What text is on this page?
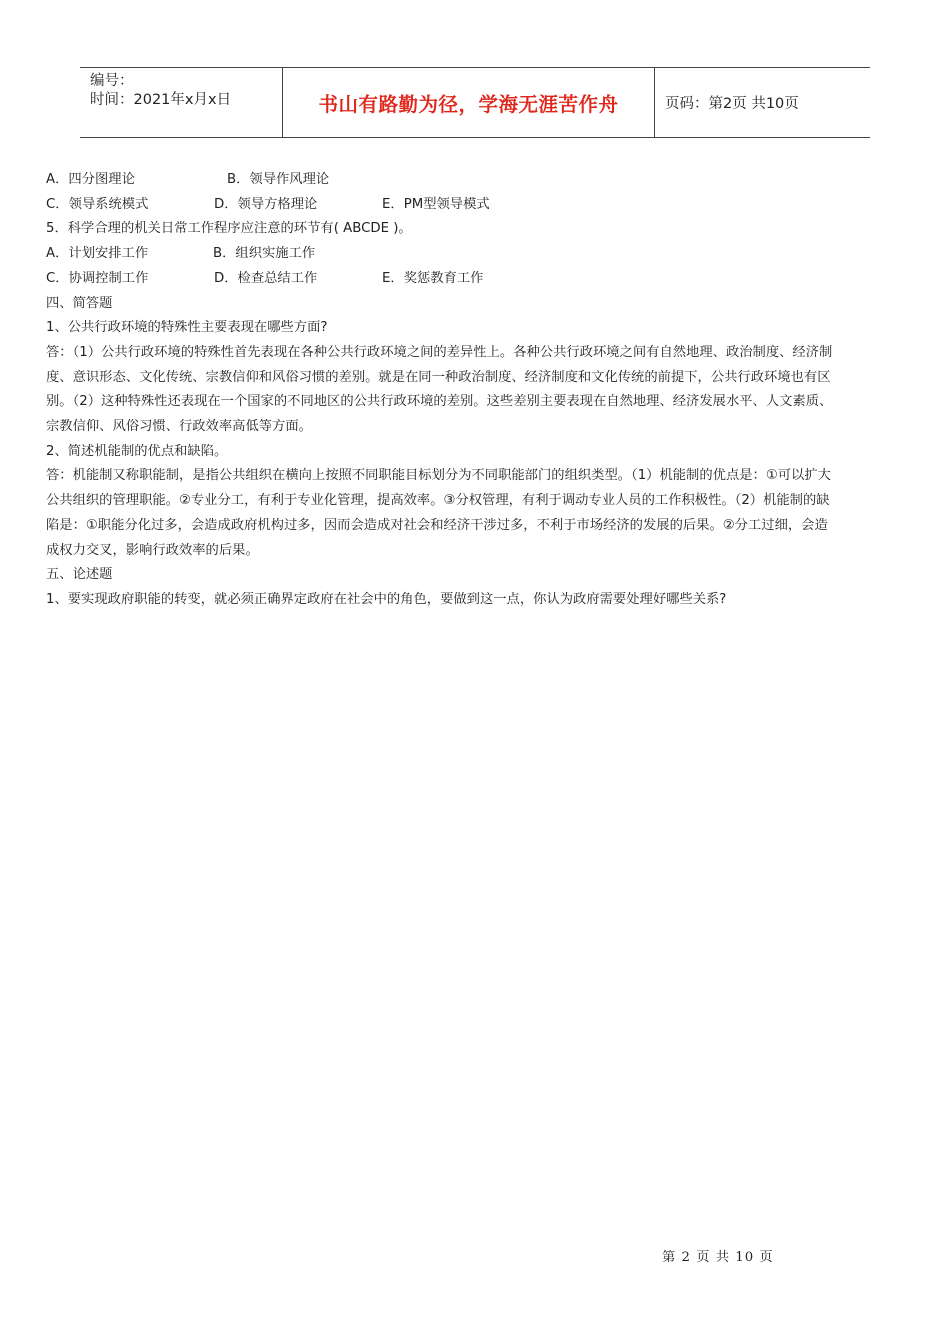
编号：
时间：2021年x月x日	书山有路勤为径，学海无涯苦作舟	页码：第2页 共10页
A．四分图理论	B．领导作风理论
C．领导系统模式	D．领导方格理论	E．PM型领导模式
5．科学合理的机关日常工作程序应注意的环节有( ABCDE )。
A．计划安排工作	B．组织实施工作
C．协调控制工作	D．检查总结工作	E．奖惩教育工作
四、简答题
1、公共行政环境的特殊性主要表现在哪些方面?
答：（1）公共行政环境的特殊性首先表现在各种公共行政环境之间的差异性上。各种公共行政环境之间有自然地理、政治制度、经济制
度、意识形态、文化传统、宗教信仰和风俗习惯的差别。就是在同一种政治制度、经济制度和文化传统的前提下，公共行政环境也有区
别。（2）这种特殊性还表现在一个国家的不同地区的公共行政环境的差别。这些差别主要表现在自然地理、经济发展水平、人文素质、
宗教信仰、风俗习惯、行政效率高低等方面。
2、简述机能制的优点和缺陷。
答：机能制又称职能制，是指公共组织在横向上按照不同职能目标划分为不同职能部门的组织类型。（1）机能制的优点是：①可以扩大
公共组织的管理职能。②专业分工，有利于专业化管理，提高效率。③分权管理，有利于调动专业人员的工作积极性。（2）机能制的缺
陷是：①职能分化过多，会造成政府机构过多，因而会造成对社会和经济干涉过多，不利于市场经济的发展的后果。②分工过细，会造
成权力交叉，影响行政效率的后果。
五、论述题
1、要实现政府职能的转变，就必须正确界定政府在社会中的角色，要做到这一点，你认为政府需要处理好哪些关系?
第 2 页 共 10 页
